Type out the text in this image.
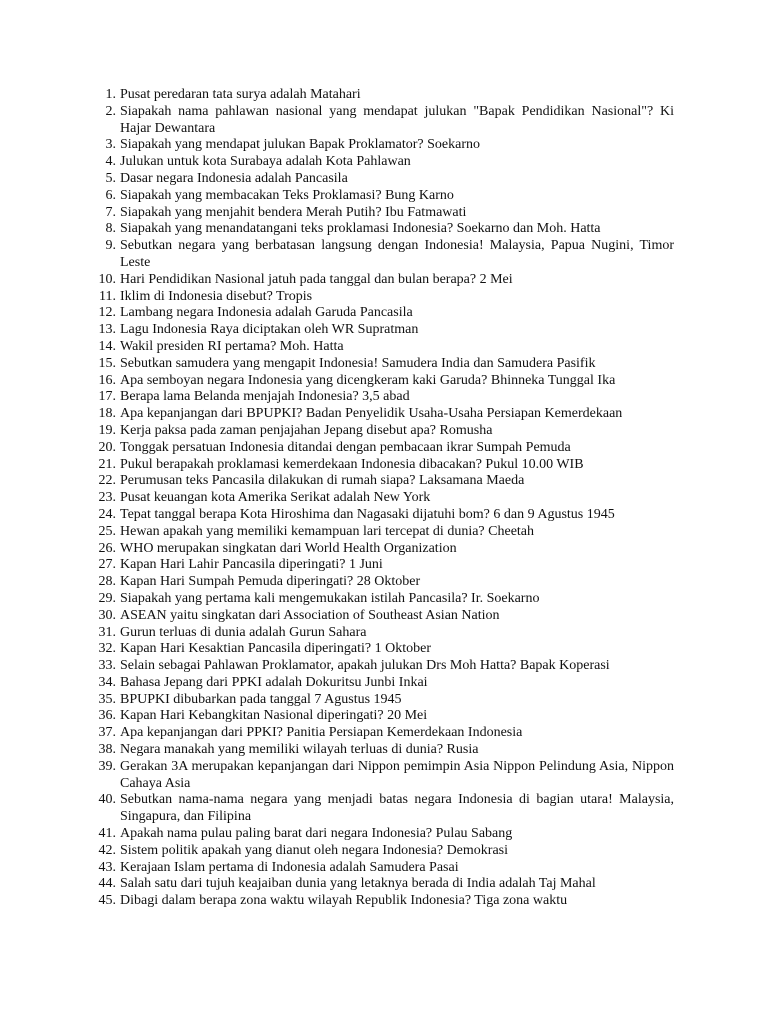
1. Pusat peredaran tata surya adalah Matahari
2. Siapakah nama pahlawan nasional yang mendapat julukan "Bapak Pendidikan Nasional"? Ki Hajar Dewantara
3. Siapakah yang mendapat julukan Bapak Proklamator? Soekarno
4. Julukan untuk kota Surabaya adalah Kota Pahlawan
5. Dasar negara Indonesia adalah Pancasila
6. Siapakah yang membacakan Teks Proklamasi? Bung Karno
7. Siapakah yang menjahit bendera Merah Putih? Ibu Fatmawati
8. Siapakah yang menandatangani teks proklamasi Indonesia? Soekarno dan Moh. Hatta
9. Sebutkan negara yang berbatasan langsung dengan Indonesia! Malaysia, Papua Nugini, Timor Leste
10. Hari Pendidikan Nasional jatuh pada tanggal dan bulan berapa? 2 Mei
11. Iklim di Indonesia disebut? Tropis
12. Lambang negara Indonesia adalah Garuda Pancasila
13. Lagu Indonesia Raya diciptakan oleh WR Supratman
14. Wakil presiden RI pertama? Moh. Hatta
15. Sebutkan samudera yang mengapit Indonesia! Samudera India dan Samudera Pasifik
16. Apa semboyan negara Indonesia yang dicengkeram kaki Garuda? Bhinneka Tunggal Ika
17. Berapa lama Belanda menjajah Indonesia? 3,5 abad
18. Apa kepanjangan dari BPUPKI? Badan Penyelidik Usaha-Usaha Persiapan Kemerdekaan
19. Kerja paksa pada zaman penjajahan Jepang disebut apa? Romusha
20. Tonggak persatuan Indonesia ditandai dengan pembacaan ikrar Sumpah Pemuda
21. Pukul berapakah proklamasi kemerdekaan Indonesia dibacakan? Pukul 10.00 WIB
22. Perumusan teks Pancasila dilakukan di rumah siapa? Laksamana Maeda
23. Pusat keuangan kota Amerika Serikat adalah New York
24. Tepat tanggal berapa Kota Hiroshima dan Nagasaki dijatuhi bom? 6 dan 9 Agustus 1945
25. Hewan apakah yang memiliki kemampuan lari tercepat di dunia? Cheetah
26. WHO merupakan singkatan dari World Health Organization
27. Kapan Hari Lahir Pancasila diperingati? 1 Juni
28. Kapan Hari Sumpah Pemuda diperingati? 28 Oktober
29. Siapakah yang pertama kali mengemukakan istilah Pancasila? Ir. Soekarno
30. ASEAN yaitu singkatan dari Association of Southeast Asian Nation
31. Gurun terluas di dunia adalah Gurun Sahara
32. Kapan Hari Kesaktian Pancasila diperingati? 1 Oktober
33. Selain sebagai Pahlawan Proklamator, apakah julukan Drs Moh Hatta? Bapak Koperasi
34. Bahasa Jepang dari PPKI adalah Dokuritsu Junbi Inkai
35. BPUPKI dibubarkan pada tanggal 7 Agustus 1945
36. Kapan Hari Kebangkitan Nasional diperingati? 20 Mei
37. Apa kepanjangan dari PPKI? Panitia Persiapan Kemerdekaan Indonesia
38. Negara manakah yang memiliki wilayah terluas di dunia? Rusia
39. Gerakan 3A merupakan kepanjangan dari Nippon pemimpin Asia Nippon Pelindung Asia, Nippon Cahaya Asia
40. Sebutkan nama-nama negara yang menjadi batas negara Indonesia di bagian utara! Malaysia, Singapura, dan Filipina
41. Apakah nama pulau paling barat dari negara Indonesia? Pulau Sabang
42. Sistem politik apakah yang dianut oleh negara Indonesia? Demokrasi
43. Kerajaan Islam pertama di Indonesia adalah Samudera Pasai
44. Salah satu dari tujuh keajaiban dunia yang letaknya berada di India adalah Taj Mahal
45. Dibagi dalam berapa zona waktu wilayah Republik Indonesia? Tiga zona waktu
